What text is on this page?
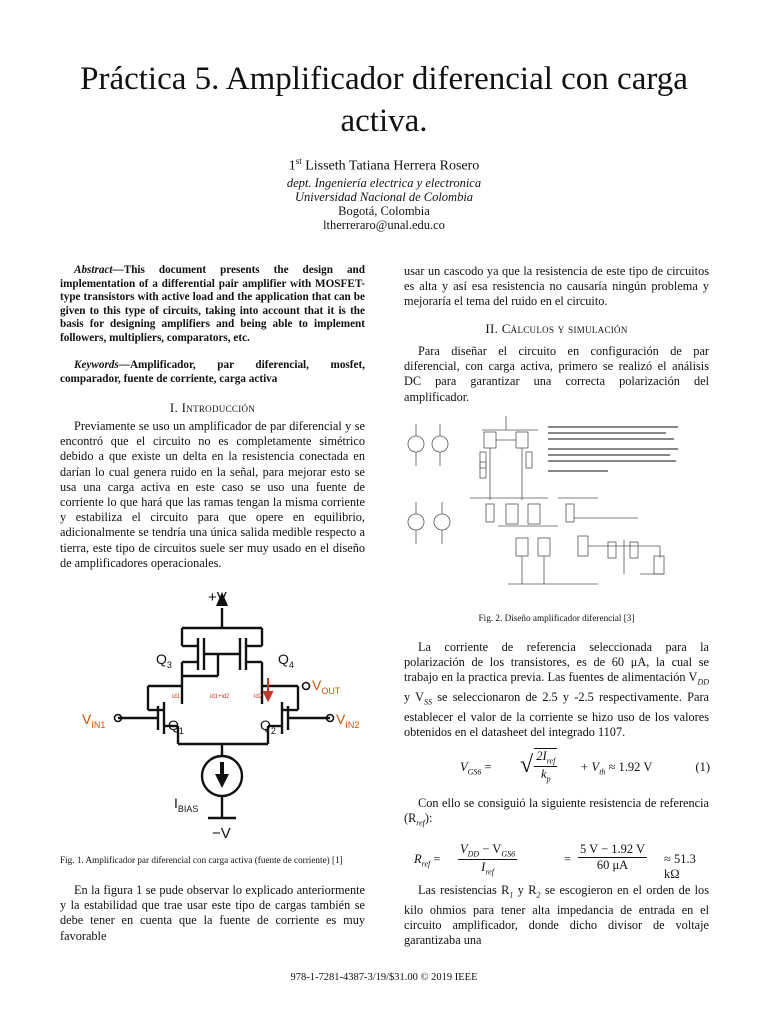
Práctica 5. Amplificador diferencial con carga activa.
1st Lisseth Tatiana Herrera Rosero
dept. Ingeniería electrica y electronica
Universidad Nacional de Colombia
Bogotá, Colombia
ltherreraro@unal.edu.co
Abstract—This document presents the design and implementation of a differential pair amplifier with MOSFET-type transistors with active load and the application that can be given to this type of circuits, taking into account that it is the basis for designing amplifiers and being able to implement followers, multipliers, comparators, etc.
Keywords—Amplificador, par diferencial, mosfet, comparador, fuente de corriente, carga activa
I. Introducción

Previamente se uso un amplificador de par diferencial y se encontró que el circuito no es completamente simétrico debido a que existe un delta en la resistencia conectada en darían lo cual genera ruido en la señal, para mejorar esto se usa una carga activa en este caso se uso una fuente de corriente lo que hará que las ramas tengan la misma corriente y estabiliza el circuito para que opere en equilibrio, adicionalmente se tendría una única salida medible respecto a tierra, este tipo de circuitos suele ser muy usado en el diseño de amplificadores operacionales.

+V
−V
$Q_3$	$Q_4$
$Q_1$	$Q_2$
$V_{IN1}$	$V_{IN2}$
$V_{OUT}$
$I_{BIAS}$
id1	id1+id2	id2
Fig. 1. Amplificador par diferencial con carga activa (fuente de corriente) [1]

En la figura 1 se pude observar lo explicado anteriormente y la estabilidad que trae usar este tipo de cargas también se debe tener en cuenta que la fuente de corriente es muy favorable

usar un cascodo ya que la resistencia de este tipo de circuitos es alta y así esa resistencia no causaría ningún problema y mejoraría el tema del ruido en el circuito.

II. Cálculos y simulación

Para diseñar el circuito en configuración de par diferencial, con carga activa, primero se realizó el análisis DC para garantizar una correcta polarización del amplificador.

Fig. 2. Diseño amplificador diferencial [3]

La corriente de referencia seleccionada para la polarización de los transistores, es de 60 μA, la cual se trabajo en la practica previa. Las fuentes de alimentación $V_{DD}$ y $V_{SS}$ se seleccionaron de 2.5 y -2.5 respectivamente. Para establecer el valor de la corriente se hizo uso de los valores obtenidos en el datasheet del integrado 1107.

$V_{GS6}$ = √ $\frac{2I_{ref}}{k_p} + V_{th} \approx 1.92$ V	(1)

Con ello se consiguió la siguiente resistencia de referencia $(R_{ref})$:

$R_{ref}$ =
$V_{DD} - V_{GS6}$
$I_{ref}$
= $\frac{5 V - 1.92 V}{60 \mu A} \approx 51.3$ kΩ

Las resistencias $R_1$ y $R_2$ se escogieron en el orden de los kilo ohmios para tener alta impedancia de entrada en el circuito amplificador, donde dicho divisor de voltaje garantizaba una

978-1-7281-4387-3/19/$31.00 © 2019 IEEE
